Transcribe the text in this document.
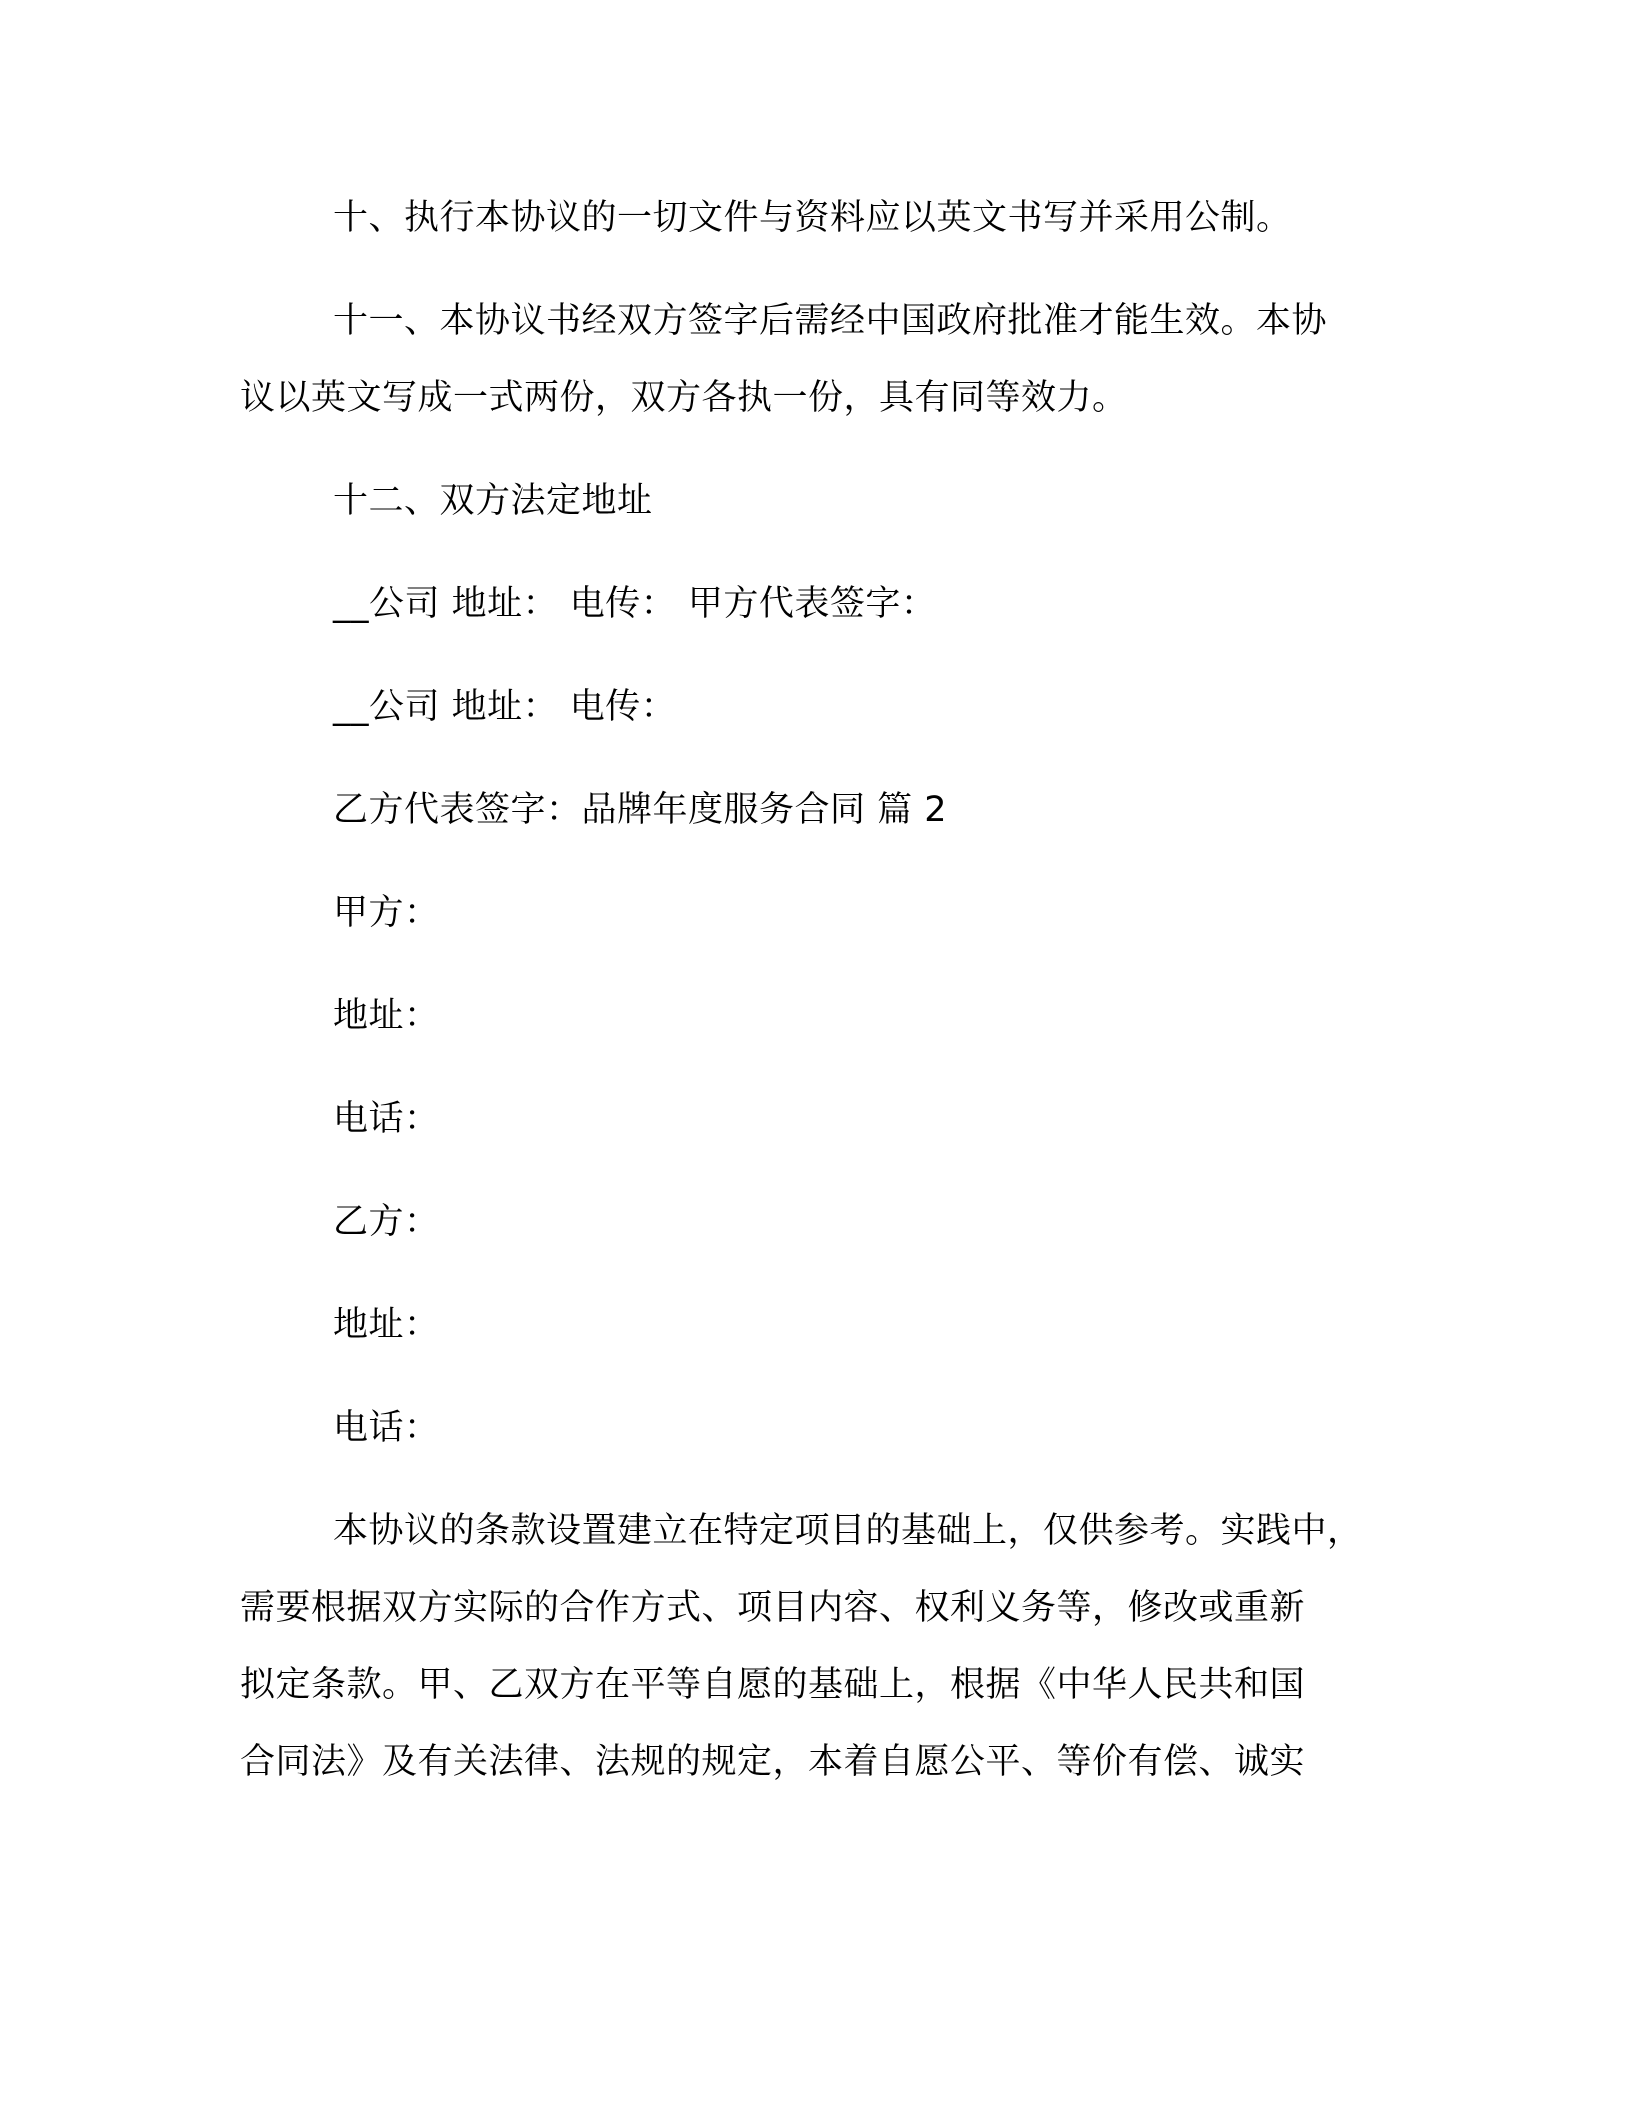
十、执行本协议的一切文件与资料应以英文书写并采用公制。

十一、本协议书经双方签字后需经中国政府批准才能生效。本协

议以英文写成一式两份，双方各执一份，具有同等效力。

十二、双方法定地址

__公司 地址： 电传： 甲方代表签字：

__公司 地址： 电传：

乙方代表签字：品牌年度服务合同 篇 2

甲方：

地址：

电话：

乙方：

地址：

电话：

本协议的条款设置建立在特定项目的基础上，仅供参考。实践中，

需要根据双方实际的合作方式、项目内容、权利义务等，修改或重新

拟定条款。甲、乙双方在平等自愿的基础上，根据《中华人民共和国

合同法》及有关法律、法规的规定，本着自愿公平、等价有偿、诚实
